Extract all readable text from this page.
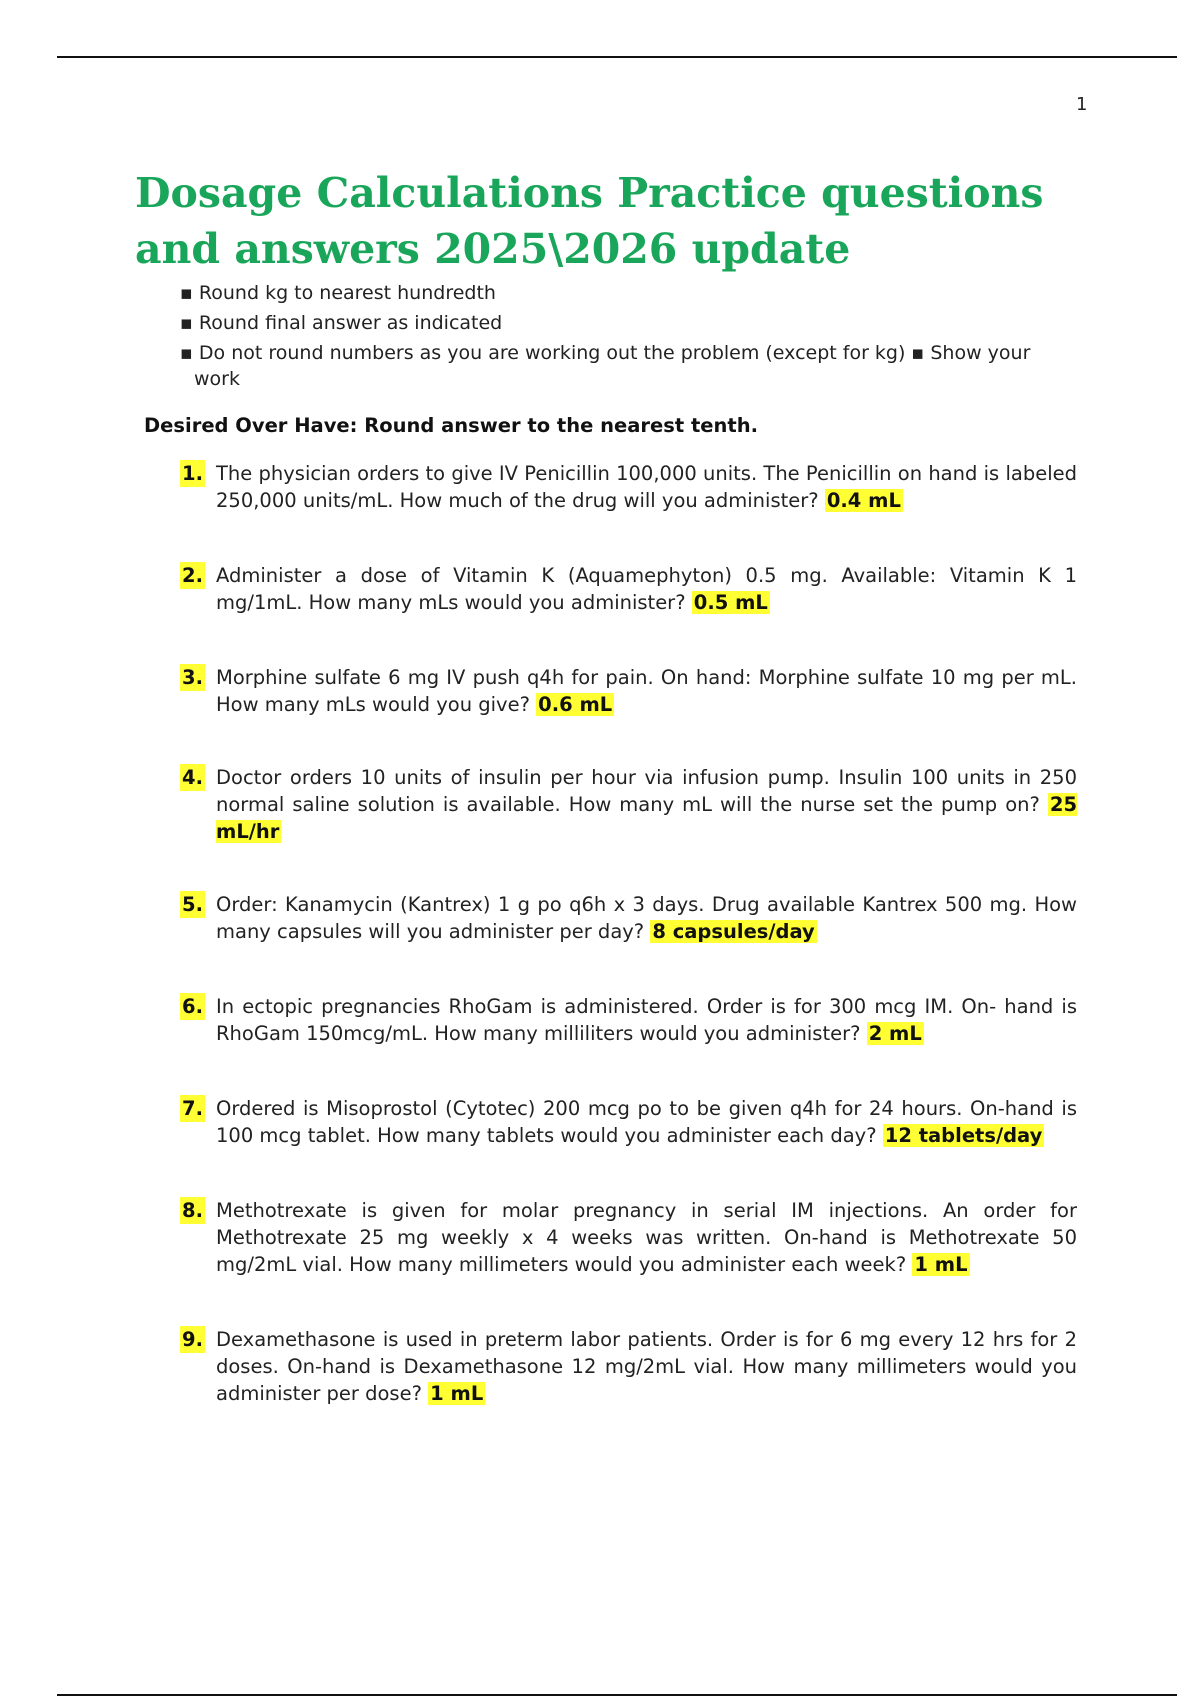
1
Dosage Calculations Practice questions and answers 2025\2026 update
▪ Round kg to nearest hundredth
▪ Round final answer as indicated
▪ Do not round numbers as you are working out the problem (except for kg) ▪ Show your work
Desired Over Have: Round answer to the nearest tenth.
1. The physician orders to give IV Penicillin 100,000 units. The Penicillin on hand is labeled 250,000 units/mL. How much of the drug will you administer? 0.4 mL
2. Administer a dose of Vitamin K (Aquamephyton) 0.5 mg. Available: Vitamin K 1 mg/1mL. How many mLs would you administer? 0.5 mL
3. Morphine sulfate 6 mg IV push q4h for pain. On hand: Morphine sulfate 10 mg per mL. How many mLs would you give? 0.6 mL
4. Doctor orders 10 units of insulin per hour via infusion pump. Insulin 100 units in 250 normal saline solution is available. How many mL will the nurse set the pump on? 25 mL/hr
5. Order: Kanamycin (Kantrex) 1 g po q6h x 3 days. Drug available Kantrex 500 mg. How many capsules will you administer per day? 8 capsules/day
6. In ectopic pregnancies RhoGam is administered. Order is for 300 mcg IM. On- hand is RhoGam 150mcg/mL. How many milliliters would you administer? 2 mL
7. Ordered is Misoprostol (Cytotec) 200 mcg po to be given q4h for 24 hours. On-hand is 100 mcg tablet. How many tablets would you administer each day? 12 tablets/day
8. Methotrexate is given for molar pregnancy in serial IM injections. An order for Methotrexate 25 mg weekly x 4 weeks was written. On-hand is Methotrexate 50 mg/2mL vial. How many millimeters would you administer each week? 1 mL
9. Dexamethasone is used in preterm labor patients. Order is for 6 mg every 12 hrs for 2 doses. On-hand is Dexamethasone 12 mg/2mL vial. How many millimeters would you administer per dose? 1 mL
